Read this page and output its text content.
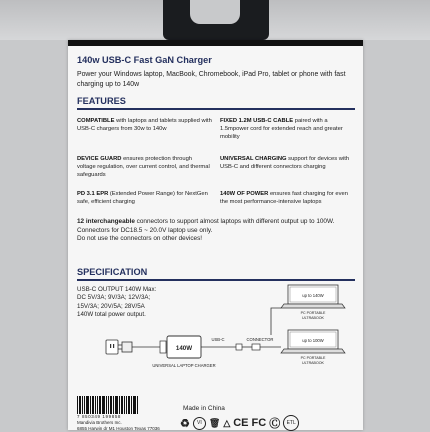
140w USB-C Fast GaN Charger
Power your Windows laptop, MacBook, Chromebook, iPad Pro, tablet or phone with fast charging up to 140w
FEATURES
COMPATIBLE with laptops and tablets supplied with USB-C chargers from 30w to 140w
FIXED 1.2M USB-C CABLE paired with a 1.5mpower cord for extended reach and greater mobility
DEVICE GUARD ensures protection through voltage regulation, over current control, and thermal safeguards
UNIVERSAL CHARGING support for devices with USB-C and different connectors charging
PD 3.1 EPR (Extended Power Range) for NextGen safe, efficient charging
140W OF POWER ensures fast charging for even the most performance-intensive laptops
12 interchangeable connectors to support almost laptops with different output up to 100W.
Connectors for DC18.5 ~ 20.0V laptop use only.
Do not use the connectors on other devices!
SPECIFICATION
USB-C OUTPUT 140W Max:
DC 5V/3A; 9V/3A; 12V/3A;
15V/3A; 20V/5A; 28V/5A
140W total power output.
up to 140W
PC PORTABLE
ULTRABOOK
up to 100W
PC PORTABLE
ULTRABOOK
140W
UNIVERSAL LAPTOP CHARGER
USB-C	CONNECTOR
7 850349 199858
Mandivia Brothers Inc.
6855 Harwin dr M1 Houston Texas 77036
Made in China
♻	VI 🗑 △ CE FC Ⓒ	ETL
